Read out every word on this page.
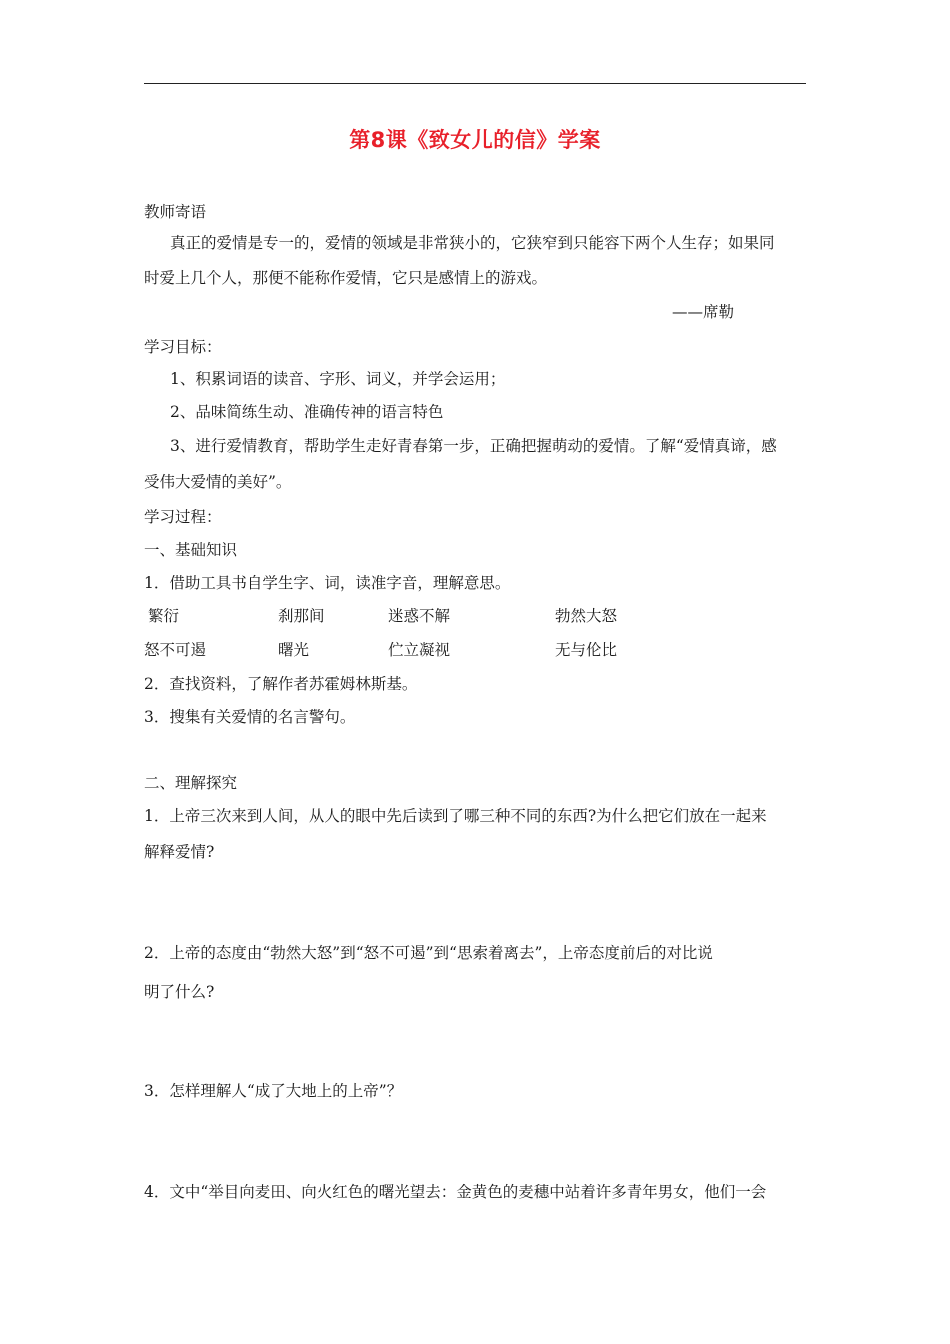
第8课《致女儿的信》学案
教师寄语
真正的爱情是专一的，爱情的领域是非常狭小的，它狭窄到只能容下两个人生存；如果同
时爱上几个人，那便不能称作爱情，它只是感情上的游戏。
——席勒
学习目标：
1、积累词语的读音、字形、词义，并学会运用；
2、品味简练生动、准确传神的语言特色
3、进行爱情教育，帮助学生走好青春第一步，正确把握萌动的爱情。了解“爱情真谛，感
受伟大爱情的美好”。
学习过程：
一、基础知识
1．借助工具书自学生字、词，读准字音，理解意思。
繁衍	刹那间	迷惑不解	勃然大怒
怒不可遏	曙光	伫立凝视	无与伦比
2．查找资料，了解作者苏霍姆林斯基。
3．搜集有关爱情的名言警句。
二、理解探究
1．上帝三次来到人间，从人的眼中先后读到了哪三种不同的东西?为什么把它们放在一起来
解释爱情?
2．上帝的态度由“勃然大怒”到“怒不可遏”到“思索着离去”，上帝态度前后的对比说
明了什么?
3．怎样理解人“成了大地上的上帝”？
4．文中“举目向麦田、向火红色的曙光望去：金黄色的麦穗中站着许多青年男女，他们一会
